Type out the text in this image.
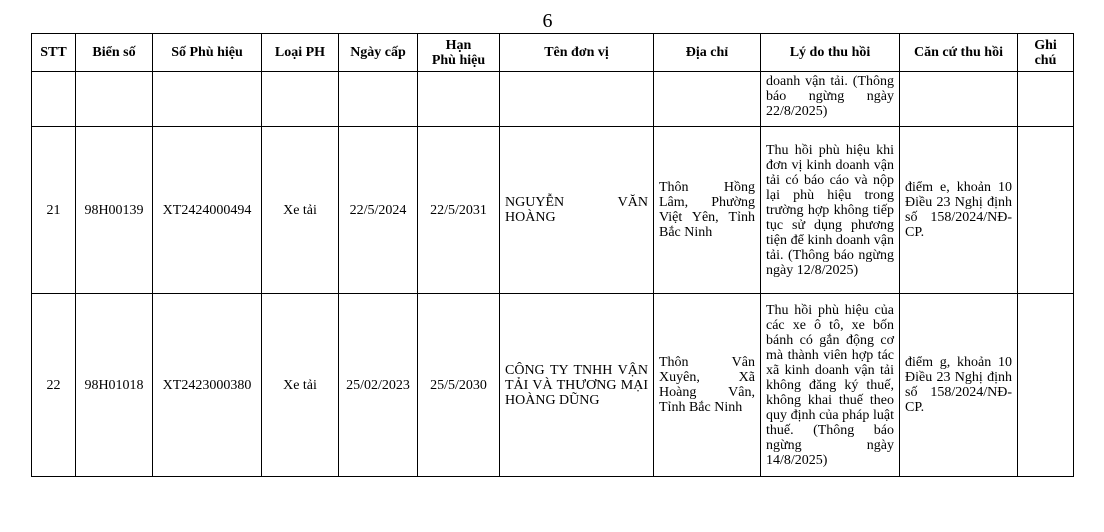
6
STT	Biển số	Số Phù hiệu	Loại PH	Ngày cấp	Hạn
Phù hiệu	Tên đơn vị	Địa chỉ	Lý do thu hồi	Căn cứ thu hồi	Ghi chú
								doanh vận tải. (Thông báo ngừng ngày 22/8/2025)		
21	98H00139	XT2424000494	Xe tải	22/5/2024	22/5/2031	NGUYỄN VĂN HOÀNG	Thôn Hồng Lâm, Phường Việt Yên, Tỉnh Bắc Ninh	Thu hồi phù hiệu khi đơn vị kinh doanh vận tải có báo cáo và nộp lại phù hiệu trong trường hợp không tiếp tục sử dụng phương tiện để kinh doanh vận tải. (Thông báo ngừng ngày 12/8/2025)	điểm e, khoản 10 Điều 23 Nghị định số 158/2024/NĐ-CP.	
22	98H01018	XT2423000380	Xe tải	25/02/2023	25/5/2030	CÔNG TY TNHH VẬN TẢI VÀ THƯƠNG MẠI HOÀNG DŨNG	Thôn Vân Xuyên, Xã Hoàng Vân, Tỉnh Bắc Ninh	Thu hồi phù hiệu của các xe ô tô, xe bốn bánh có gắn động cơ mà thành viên hợp tác xã kinh doanh vận tải không đăng ký thuế, không khai thuế theo quy định của pháp luật thuế. (Thông báo ngừng ngày 14/8/2025)	điểm g, khoản 10 Điều 23 Nghị định số 158/2024/NĐ-CP.	
